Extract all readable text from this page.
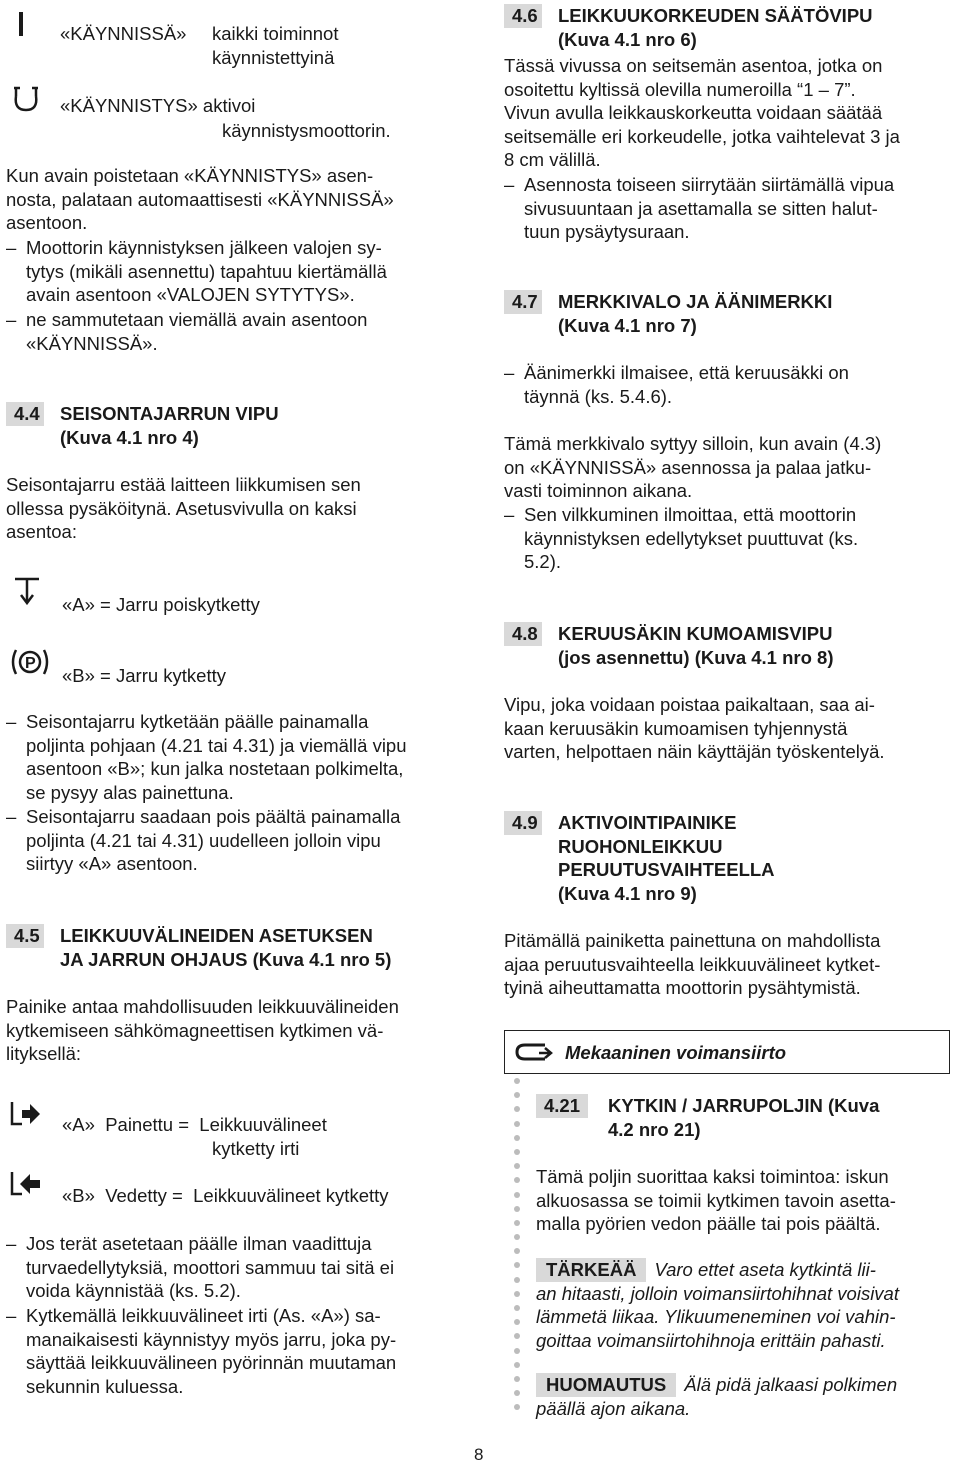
«KÄYNNISSÄ» kaikki toiminnot

käynnistettyinä

«KÄYNNISTYS» aktivoi

käynnistysmoottorin.

Kun avain poistetaan «KÄYNNISTYS» asen-

nosta, palataan automaattisesti «KÄYNNISSÄ»

asentoon.

– Moottorin käynnistyksen jälkeen valojen sy-

tytys (mikäli asennettu) tapahtuu kiertämällä

avain asentoon «VALOJEN SYTYTYS».

– ne sammutetaan viemällä avain asentoon

«KÄYNNISSÄ».

4.4	SEISONTAJARRUN VIPU

(Kuva 4.1 nro 4)

Seisontajarru estää laitteen liikkumisen sen

ollessa pysäköitynä. Asetusvivulla on kaksi

asentoa:

«A» = Jarru poiskytketty

P

«B» = Jarru kytketty

– Seisontajarru kytketään päälle painamalla

poljinta pohjaan (4.21 tai 4.31) ja viemällä vipu

asentoon «B»; kun jalka nostetaan polkimelta,

se pysyy alas painettuna.

– Seisontajarru saadaan pois päältä painamalla

poljinta (4.21 tai 4.31) uudelleen jolloin vipu

siirtyy «A» asentoon.

4.5	LEIKKUUVÄLINEIDEN ASETUKSEN

JA JARRUN OHJAUS (Kuva 4.1 nro 5)

Painike antaa mahdollisuuden leikkuuvälineiden

kytkemiseen sähkömagneettisen kytkimen vä-

lityksellä:

«A»  Painettu =  Leikkuuvälineet

kytketty irti

«B»  Vedetty =  Leikkuuvälineet kytketty

– Jos terät asetetaan päälle ilman vaadittuja

turvaedellytyksiä, moottori sammuu tai sitä ei

voida käynnistää (ks. 5.2).

– Kytkemällä leikkuuvälineet irti (As. «A») sa-

manaikaisesti käynnistyy myös jarru, joka py-

säyttää leikkuuvälineen pyörinnän muutaman

sekunnin kuluessa.

4.6	LEIKKUUKORKEUDEN SÄÄTÖVIPU

(Kuva 4.1 nro 6)

Tässä vivussa on seitsemän asentoa, jotka on

osoitettu kyltissä olevilla numeroilla “1 – 7”.

Vivun avulla leikkauskorkeutta voidaan säätää

seitsemälle eri korkeudelle, jotka vaihtelevat 3 ja

8 cm välillä.

– Asennosta toiseen siirrytään siirtämällä vipua

sivusuuntaan ja asettamalla se sitten halut-

tuun pysäytysuraan.

4.7	MERKKIVALO JA ÄÄNIMERKKI

(Kuva 4.1 nro 7)

– Äänimerkki ilmaisee, että keruusäkki on

täynnä (ks. 5.4.6).

Tämä merkkivalo syttyy silloin, kun avain (4.3)

on «KÄYNNISSÄ» asennossa ja palaa jatku-

vasti toiminnon aikana.

– Sen vilkkuminen ilmoittaa, että moottorin

käynnistyksen edellytykset puuttuvat (ks.

5.2).

4.8	KERUUSÄKIN KUMOAMISVIPU

(jos asennettu) (Kuva 4.1 nro 8)

Vipu, joka voidaan poistaa paikaltaan, saa ai-

kaan keruusäkin kumoamisen tyhjennystä

varten, helpottaen näin käyttäjän työskentelyä.

4.9	AKTIVOINTIPAINIKE

RUOHONLEIKKUU

PERUUTUSVAIHTEELLA

(Kuva 4.1 nro 9)

Pitämällä painiketta painettuna on mahdollista

ajaa peruutusvaihteella leikkuuvälineet kytket-

tyinä aiheuttamatta moottorin pysähtymistä.

Mekaaninen voimansiirto
4.21	KYTKIN / JARRUPOLJIN (Kuva

4.2 nro 21)

Tämä poljin suorittaa kaksi toimintoa: iskun

alkuosassa se toimii kytkimen tavoin asetta-

malla pyörien vedon päälle tai pois päältä.

TÄRKEÄÄ Varo ettet aseta kytkintä lii-

an hitaasti, jolloin voimansiirtohihnat voisivat

lämmetä liikaa. Ylikuumeneminen voi vahin-

goittaa voimansiirtohihnoja erittäin pahasti.

HUOMAUTUS Älä pidä jalkaasi polkimen

päällä ajon aikana.

8
